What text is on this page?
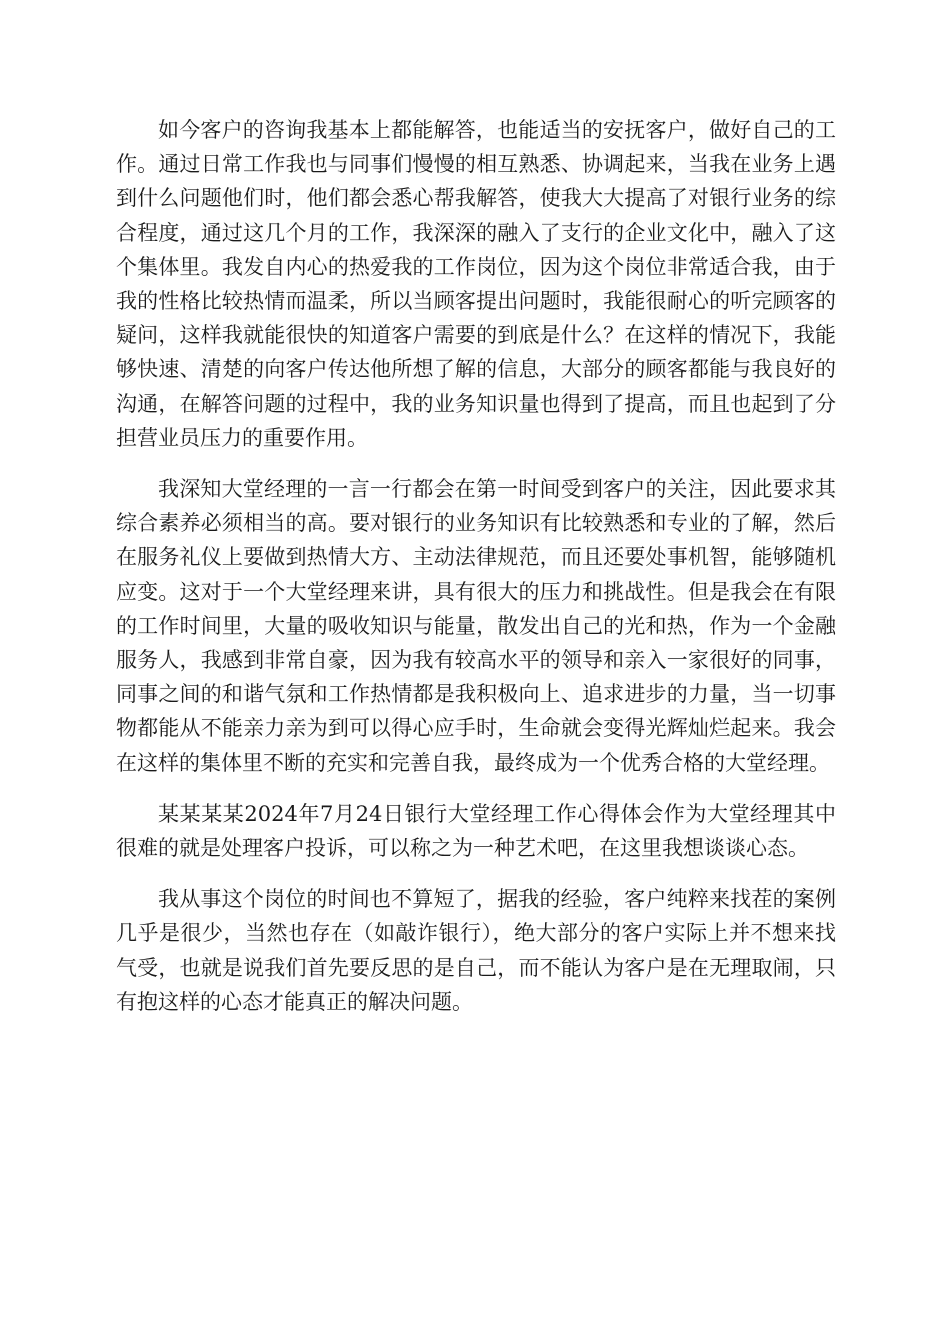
如今客户的咨询我基本上都能解答，也能适当的安抚客户，做好自己的工作。通过日常工作我也与同事们慢慢的相互熟悉、协调起来，当我在业务上遇到什么问题他们时，他们都会悉心帮我解答，使我大大提高了对银行业务的综合程度，通过这几个月的工作，我深深的融入了支行的企业文化中，融入了这个集体里。我发自内心的热爱我的工作岗位，因为这个岗位非常适合我，由于我的性格比较热情而温柔，所以当顾客提出问题时，我能很耐心的听完顾客的疑问，这样我就能很快的知道客户需要的到底是什么？在这样的情况下，我能够快速、清楚的向客户传达他所想了解的信息，大部分的顾客都能与我良好的沟通，在解答问题的过程中，我的业务知识量也得到了提高，而且也起到了分担营业员压力的重要作用。

我深知大堂经理的一言一行都会在第一时间受到客户的关注，因此要求其综合素养必须相当的高。要对银行的业务知识有比较熟悉和专业的了解，然后在服务礼仪上要做到热情大方、主动法律规范，而且还要处事机智，能够随机应变。这对于一个大堂经理来讲，具有很大的压力和挑战性。但是我会在有限的工作时间里，大量的吸收知识与能量，散发出自己的光和热，作为一个金融服务人，我感到非常自豪，因为我有较高水平的领导和亲入一家很好的同事，同事之间的和谐气氛和工作热情都是我积极向上、追求进步的力量，当一切事物都能从不能亲力亲为到可以得心应手时，生命就会变得光辉灿烂起来。我会在这样的集体里不断的充实和完善自我，最终成为一个优秀合格的大堂经理。

某某某某2024年7月24日银行大堂经理工作心得体会作为大堂经理其中很难的就是处理客户投诉，可以称之为一种艺术吧，在这里我想谈谈心态。

我从事这个岗位的时间也不算短了，据我的经验，客户纯粹来找茬的案例几乎是很少，当然也存在（如敲诈银行），绝大部分的客户实际上并不想来找气受，也就是说我们首先要反思的是自己，而不能认为客户是在无理取闹，只有抱这样的心态才能真正的解决问题。
